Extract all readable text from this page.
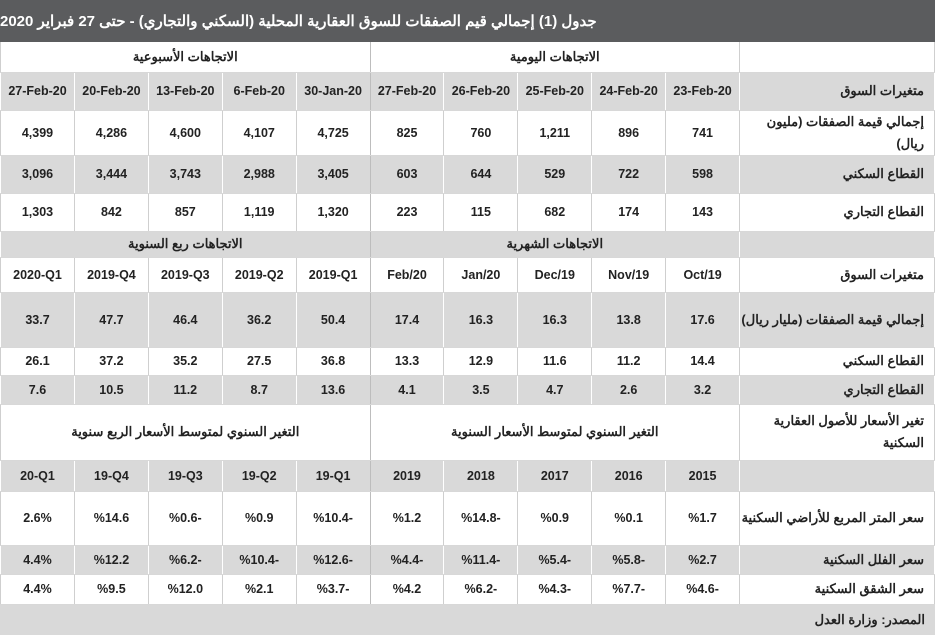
جدول (1) إجمالي قيم الصفقات للسوق العقارية المحلية (السكني والتجاري) - حتى 27 فبراير 2020
	الاتجاهات اليومية					الاتجاهات الأسبوعية				
متغيرات السوق	23-Feb-20	24-Feb-20	25-Feb-20	26-Feb-20	27-Feb-20	30-Jan-20	6-Feb-20	13-Feb-20	20-Feb-20	27-Feb-20
إجمالي قيمة الصفقات (مليون ريال)	741	896	1,211	760	825	4,725	4,107	4,600	4,286	4,399
القطاع السكني	598	722	529	644	603	3,405	2,988	3,743	3,444	3,096
القطاع التجاري	143	174	682	115	223	1,320	1,119	857	842	1,303
	الاتجاهات الشهرية					الاتجاهات ربع السنوية				
متغيرات السوق	Oct/19	Nov/19	Dec/19	Jan/20	Feb/20	2019-Q1	2019-Q2	2019-Q3	2019-Q4	2020-Q1
إجمالي قيمة الصفقات (مليار ريال)	17.6	13.8	16.3	16.3	17.4	50.4	36.2	46.4	47.7	33.7
القطاع السكني	14.4	11.2	11.6	12.9	13.3	36.8	27.5	35.2	37.2	26.1
القطاع التجاري	3.2	2.6	4.7	3.5	4.1	13.6	8.7	11.2	10.5	7.6
تغير الأسعار للأصول العقارية السكنية	التغير السنوي لمتوسط الأسعار السنوية					التغير السنوي لمتوسط الأسعار الربع سنوية				
	2015	2016	2017	2018	2019	19-Q1	19-Q2	19-Q3	19-Q4	20-Q1
سعر المتر المربع للأراضي السكنية	%1.7	%0.1	%0.9	%14.8-	%1.2	%10.4-	%0.9	%0.6-	%14.6	2.6%
سعر الفلل السكنية	%2.7	%5.8-	%5.4-	%11.4-	%4.4-	%12.6-	%10.4-	%6.2-	%12.2	4.4%
سعر الشقق السكنية	%4.6-	%7.7-	%4.3-	%6.2-	%4.2	%3.7-	%2.1	%12.0	%9.5	4.4%
المصدر: وزارة العدل
